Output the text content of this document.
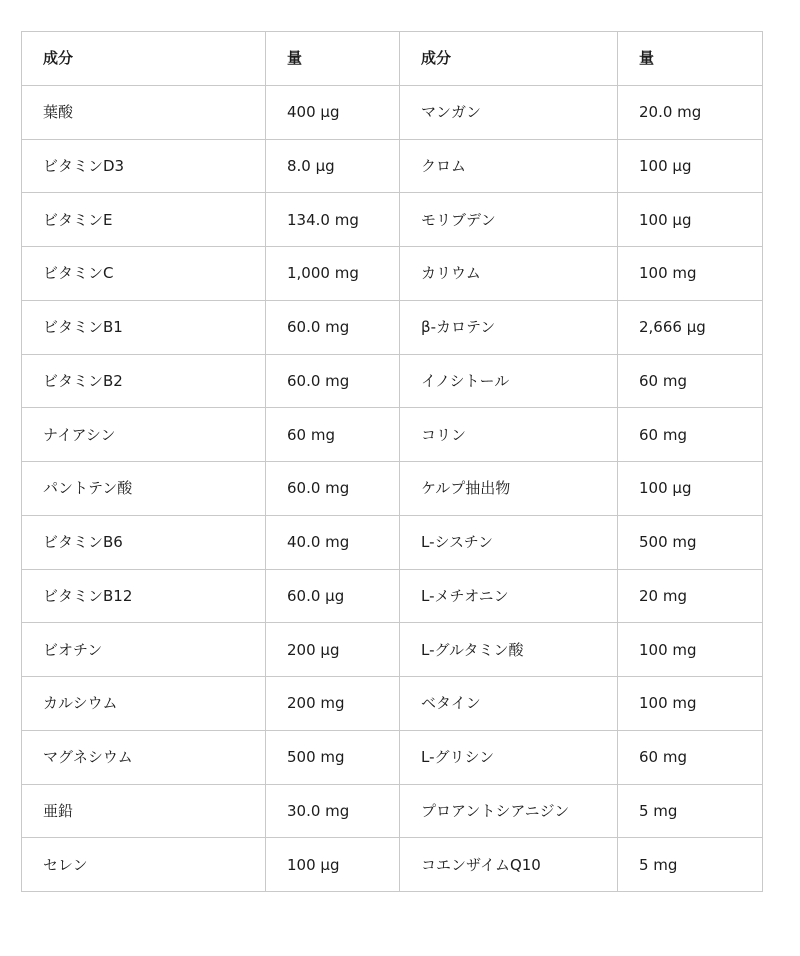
成分	量	成分	量
葉酸	400 μg	マンガン	20.0 mg
ビタミンD3	8.0 μg	クロム	100 μg
ビタミンE	134.0 mg	モリブデン	100 μg
ビタミンC	1,000 mg	カリウム	100 mg
ビタミンB1	60.0 mg	β-カロテン	2,666 μg
ビタミンB2	60.0 mg	イノシトール	60 mg
ナイアシン	60 mg	コリン	60 mg
パントテン酸	60.0 mg	ケルプ抽出物	100 μg
ビタミンB6	40.0 mg	L-シスチン	500 mg
ビタミンB12	60.0 μg	L-メチオニン	20 mg
ビオチン	200 μg	L-グルタミン酸	100 mg
カルシウム	200 mg	ベタイン	100 mg
マグネシウム	500 mg	L-グリシン	60 mg
亜鉛	30.0 mg	プロアントシアニジン	5 mg
セレン	100 μg	コエンザイムQ10	5 mg
